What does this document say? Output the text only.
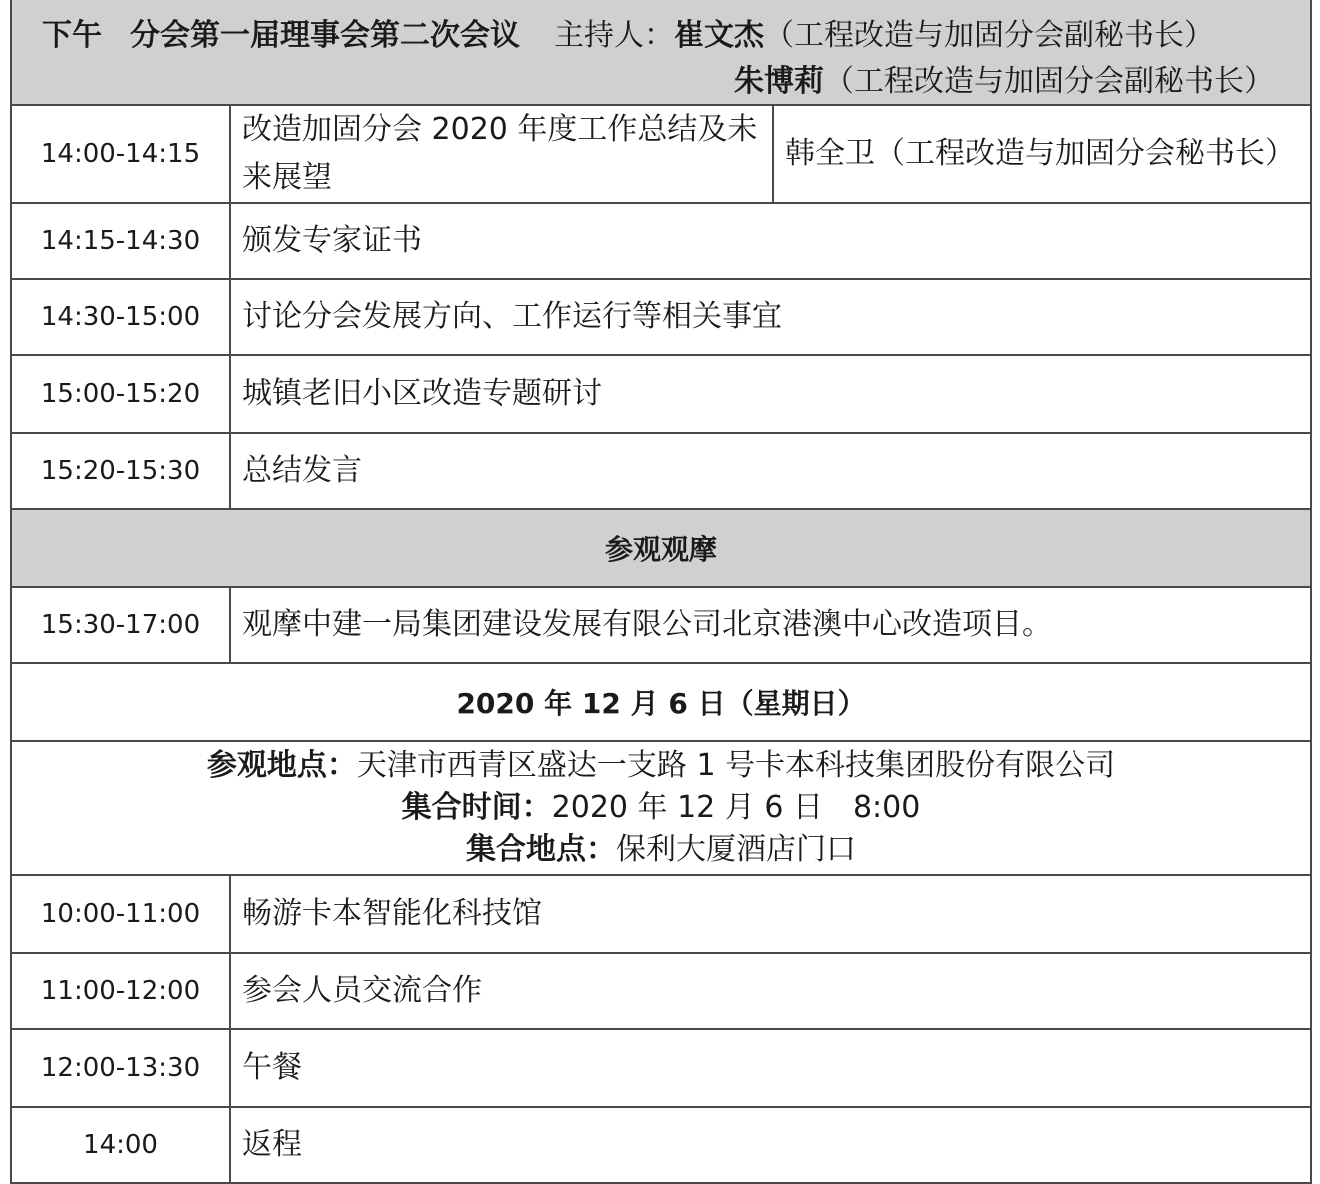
下午 分会第一届理事会第二次会议 主持人：崔文杰（工程改造与加固分会副秘书长）
朱博莉（工程改造与加固分会副秘书长）		

14:00-14:15	改造加固分会 2020 年度工作总结及未来展望	韩全卫（工程改造与加固分会秘书长）
14:15-14:30	颁发专家证书	
14:30-15:00	讨论分会发展方向、工作运行等相关事宜	
15:00-15:20	城镇老旧小区改造专题研讨	
15:20-15:30	总结发言	
参观观摩		
15:30-17:00	观摩中建一局集团建设发展有限公司北京港澳中心改造项目。	
2020 年 12 月 6 日（星期日）		

参观地点：天津市西青区盛达一支路 1 号卡本科技集团股份有限公司
集合时间：2020 年 12 月 6 日　8:00
集合地点：保利大厦酒店门口		

10:00-11:00	畅游卡本智能化科技馆	
11:00-12:00	参会人员交流合作	
12:00-13:30	午餐	
14:00	返程	
